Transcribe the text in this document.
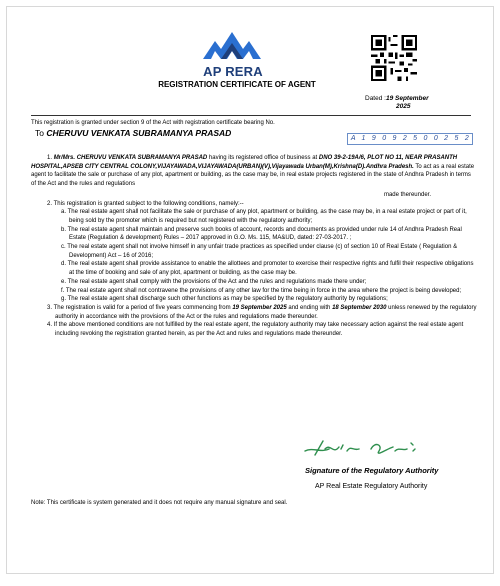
AP RERA
REGISTRATION CERTIFICATE OF AGENT
Dated :19 September
2025
This registration is granted under section 9 of the Act with registration certificate bearing No.
To CHERUVU VENKATA SUBRAMANYA PRASAD
A 1 9 0 9 2 5 0 0 2 5 2

1. Mr/Mrs. CHERUVU VENKATA SUBRAMANYA PRASAD having its registered office of business at DNO 39-2-19A/6, PLOT NO 11, NEAR PRASANTH HOSPITAL,APSEB CITY CENTRAL COLONY,VIJAYAWADA,VIJAYAWADA(URBAN)(V),Vijayawada Urban(M),Krishna(D).Andhra Pradesh. To act as a real estate agent to facilitate the sale or purchase of any plot, apartment or building, as the case may be, in real estate projects registered in the state of Andhra Pradesh in terms of the Act and the rules and regulations

made thereunder.

2. This registration is granted subject to the following conditions, namely:--

a. The real estate agent shall not facilitate the sale or purchase of any plot, apartment or building, as the case may be, in a real estate project or part of it, being sold by the promoter which is required but not registered with the regulatory authority;

b. The real estate agent shall maintain and preserve such books of account, records and documents as provided under rule 14 of Andhra Pradesh Real Estate (Regulation & development) Rules – 2017 approved in G.O. Ms. 115, MA&UD, dated: 27-03-2017. ;

c. The real estate agent shall not involve himself in any unfair trade practices as specified under clause (c) of section 10 of Real Estate ( Regulation & Development) Act – 16 of 2016;

d. The real estate agent shall provide assistance to enable the allottees and promoter to exercise their respective rights and fulfil their respective obligations at the time of booking and sale of any plot, apartment or building, as the case may be.

e. The real estate agent shall comply with the provisions of the Act and the rules and regulations made there under;

f. The real estate agent shall not contravene the provisions of any other law for the time being in force in the area where the project is being developed;

g. The real estate agent shall discharge such other functions as may be specified by the regulatory authority by regulations;

3. The registration is valid for a period of five years commencing from 19 September 2025 and ending with 18 September 2030 unless renewed by the regulatory authority in accordance with the provisions of the Act or the rules and regulations made thereunder.

4. If the above mentioned conditions are not fulfilled by the real estate agent, the regulatory authority may take necessary action against the real estate agent including revoking the registration granted herein, as per the Act and rules and regulations made thereunder.

Signature of the Regulatory Authority
AP Real Estate Regulatory Authority
Note: This certificate is system generated and it does not require any manual signature and seal.
